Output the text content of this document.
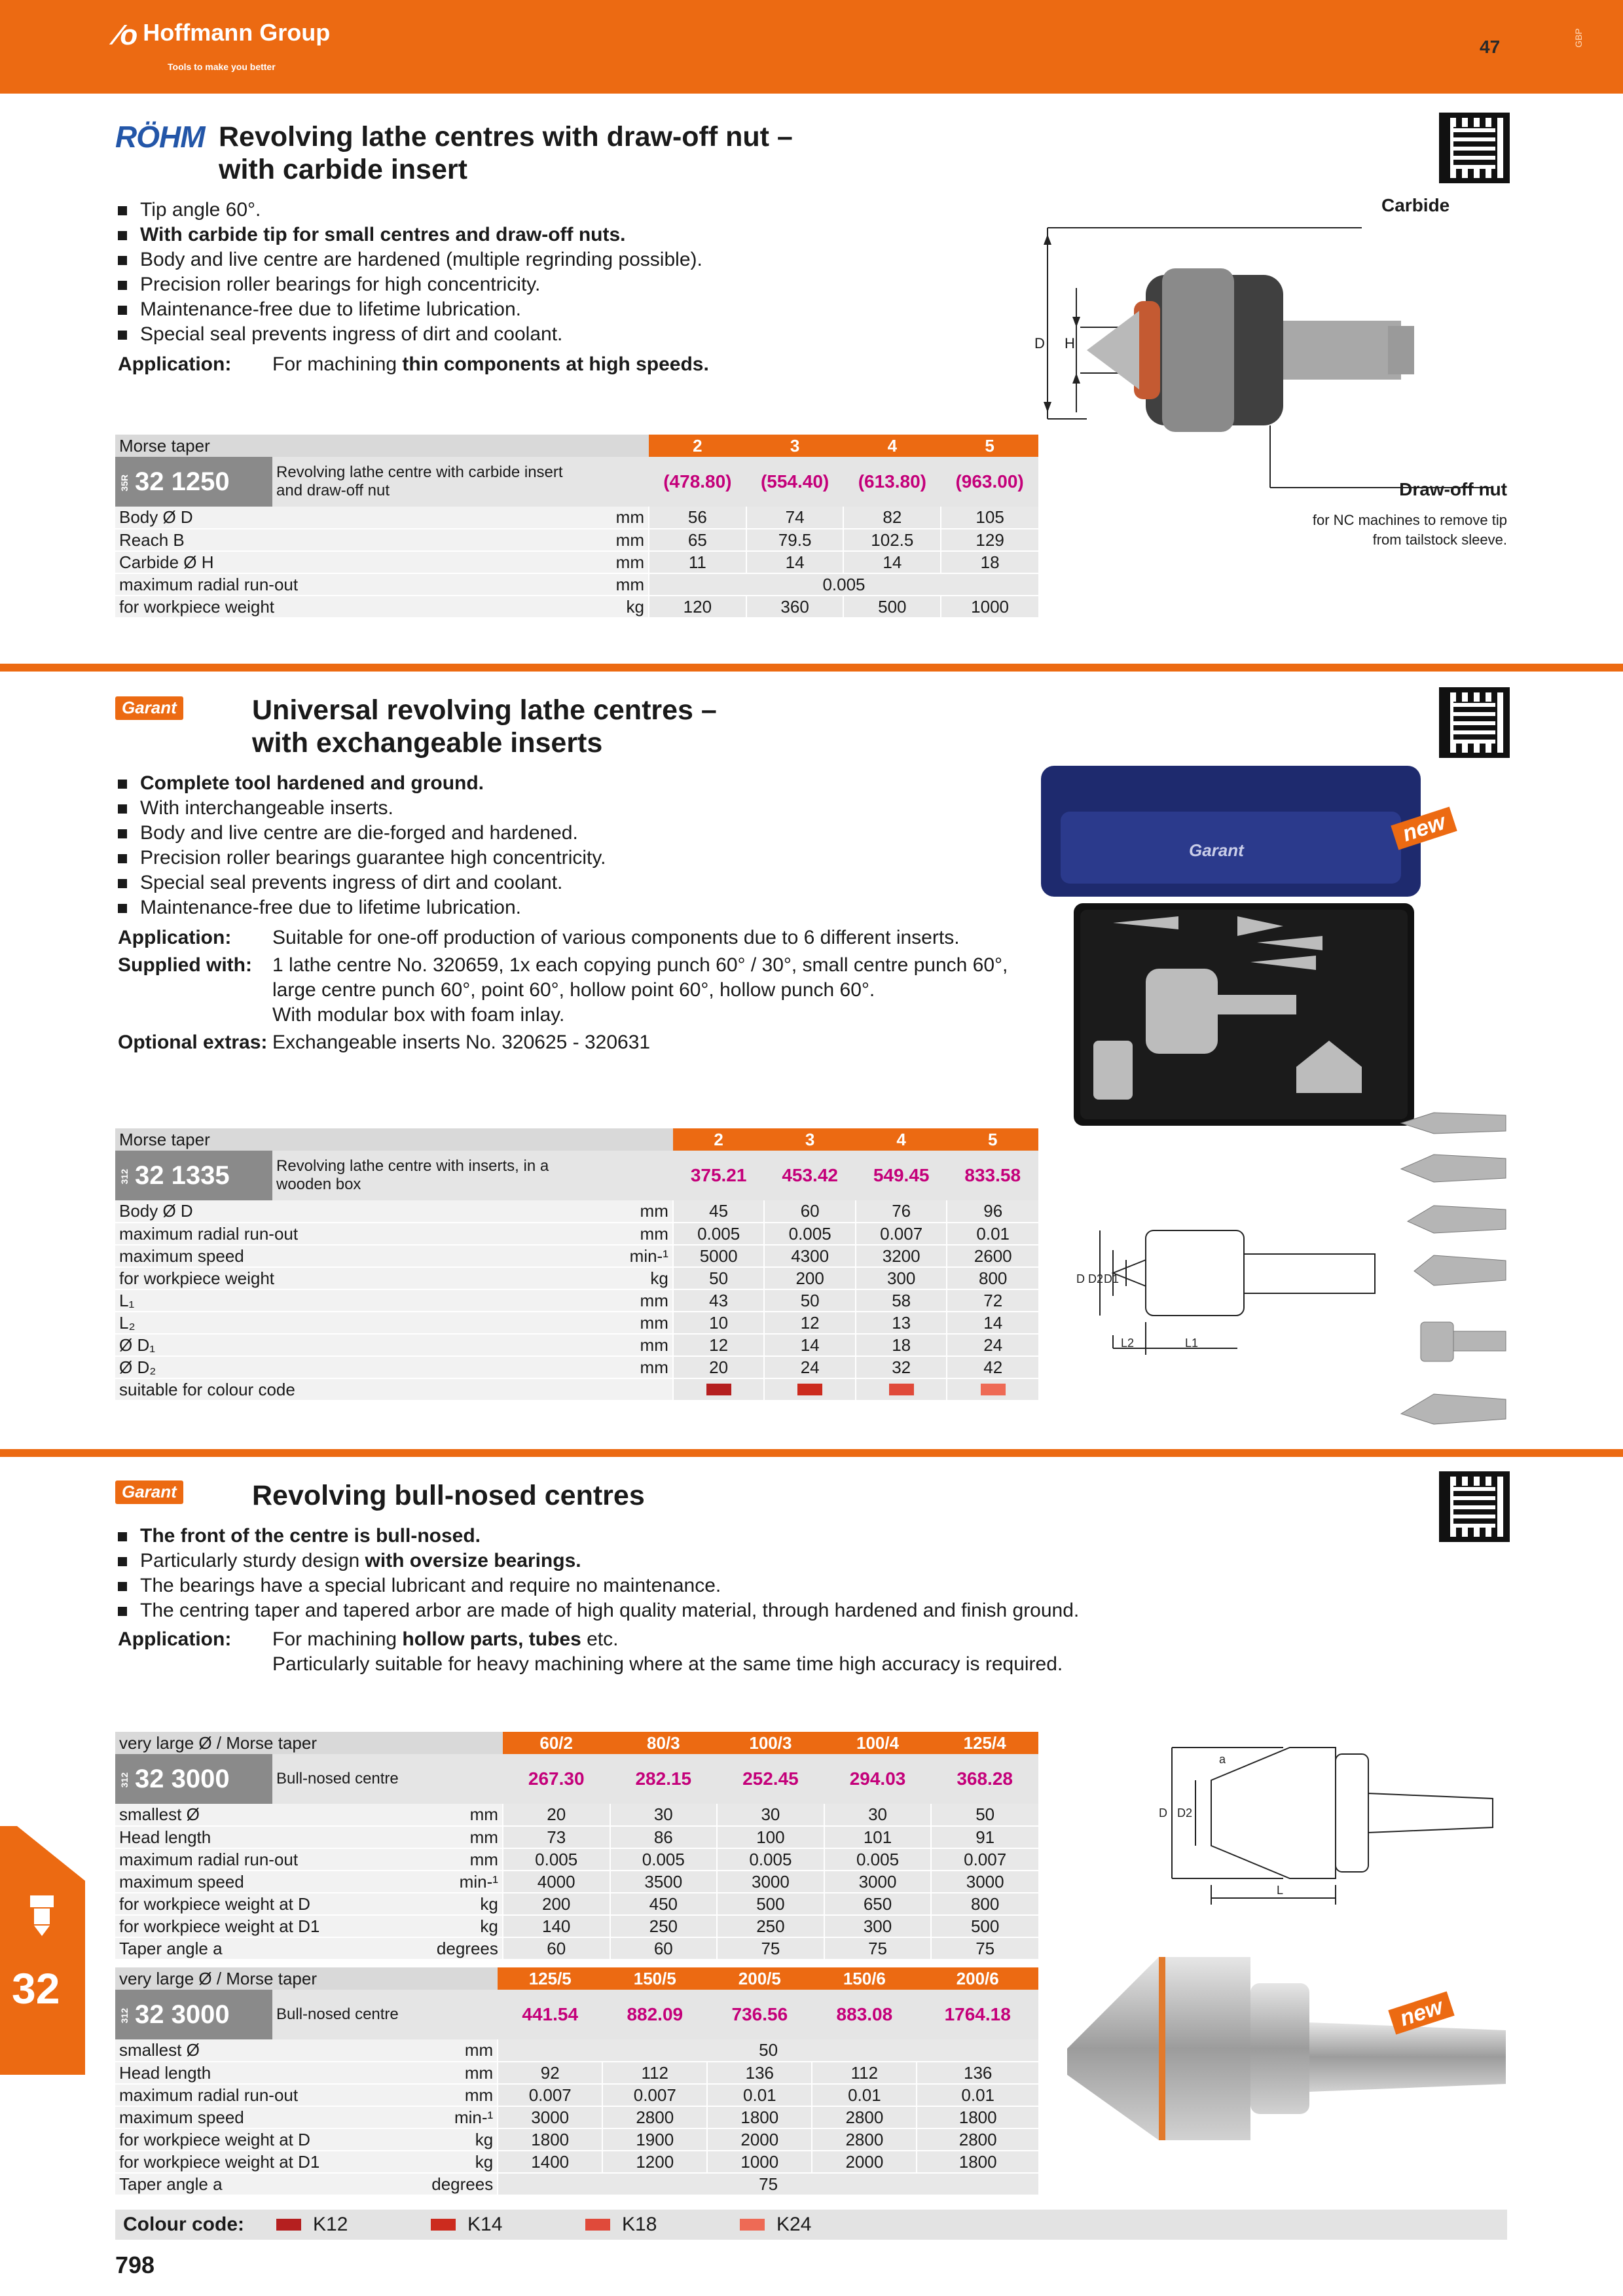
⁄o Hoffmann Group
Tools to make you better
47	GBP
RÖHM Revolving lathe centres with draw-off nut –
with carbide insert
Tip angle 60°.
With carbide tip for small centres and draw-off nuts.
Body and live centre are hardened (multiple regrinding possible).
Precision roller bearings for high concentricity.
Maintenance-free due to lifetime lubrication.
Special seal prevents ingress of dirt and coolant.
Application:	For machining thin components at high speeds.
Carbide
D H
Draw-off nut
for NC machines to remove tip
from tailstock sleeve.
Morse taper			2	3	4	5
35R 32 1250	Revolving lathe centre with carbide insert
and draw-off nut		(478.80)	(554.40)	(613.80)	(963.00)
Body Ø D		mm	56	74	82	105
Reach B		mm	65	79.5	102.5	129
Carbide Ø H		mm	11	14	14	18
maximum radial run-out		mm	0.005			
for workpiece weight		kg	120	360	500	1000
Garant	Universal revolving lathe centres –
with exchangeable inserts
Complete tool hardened and ground.
With interchangeable inserts.
Body and live centre are die-forged and hardened.
Precision roller bearings guarantee high concentricity.
Special seal prevents ingress of dirt and coolant.
Maintenance-free due to lifetime lubrication.
Application:	Suitable for one-off production of various components due to 6 different inserts.
Supplied with:	1 lathe centre No. 320659, 1x each copying punch 60° / 30°, small centre punch 60°,
large centre punch 60°, point 60°, hollow point 60°, hollow punch 60°.
With modular box with foam inlay.
Optional extras: Exchangeable inserts No. 320625 - 320631
Garant
new
D D2 D1
L2	L1
Morse taper			2	3	4	5
312 32 1335	Revolving lathe centre with inserts, in a
wooden box		375.21	453.42	549.45	833.58
Body Ø D		mm	45	60	76	96
maximum radial run-out		mm	0.005	0.005	0.007	0.01
maximum speed		min-¹	5000	4300	3200	2600
for workpiece weight		kg	50	200	300	800
L₁		mm	43	50	58	72
L₂		mm	10	12	13	14
Ø D₁		mm	12	14	18	24
Ø D₂		mm	20	24	32	42
suitable for colour code						
Garant	Revolving bull-nosed centres
The front of the centre is bull-nosed.
Particularly sturdy design with oversize bearings.
The bearings have a special lubricant and require no maintenance.
The centring taper and tapered arbor are made of high quality material, through hardened and finish ground.
Application:	For machining hollow parts, tubes etc.
Particularly suitable for heavy machining where at the same time high accuracy is required.
D D2
a
L
new
very large Ø / Morse taper			60/2	80/3	100/3	100/4	125/4
312 32 3000	Bull-nosed centre		267.30	282.15	252.45	294.03	368.28
smallest Ø		mm	20	30	30	30	50
Head length		mm	73	86	100	101	91
maximum radial run-out		mm	0.005	0.005	0.005	0.005	0.007
maximum speed		min-¹	4000	3500	3000	3000	3000
for workpiece weight at D		kg	200	450	500	650	800
for workpiece weight at D1		kg	140	250	250	300	500
Taper angle a		degrees	60	60	75	75	75
very large Ø / Morse taper			125/5	150/5	200/5	150/6	200/6
312 32 3000	Bull-nosed centre		441.54	882.09	736.56	883.08	1764.18
smallest Ø		mm	50				
Head length		mm	92	112	136	112	136
maximum radial run-out		mm	0.007	0.007	0.01	0.01	0.01
maximum speed		min-¹	3000	2800	1800	2800	1800
for workpiece weight at D		kg	1800	1900	2000	2800	2800
for workpiece weight at D1		kg	1400	1200	1000	2000	1800
Taper angle a		degrees	75				
Colour code:	K12	K14	K18	K24
32
798
